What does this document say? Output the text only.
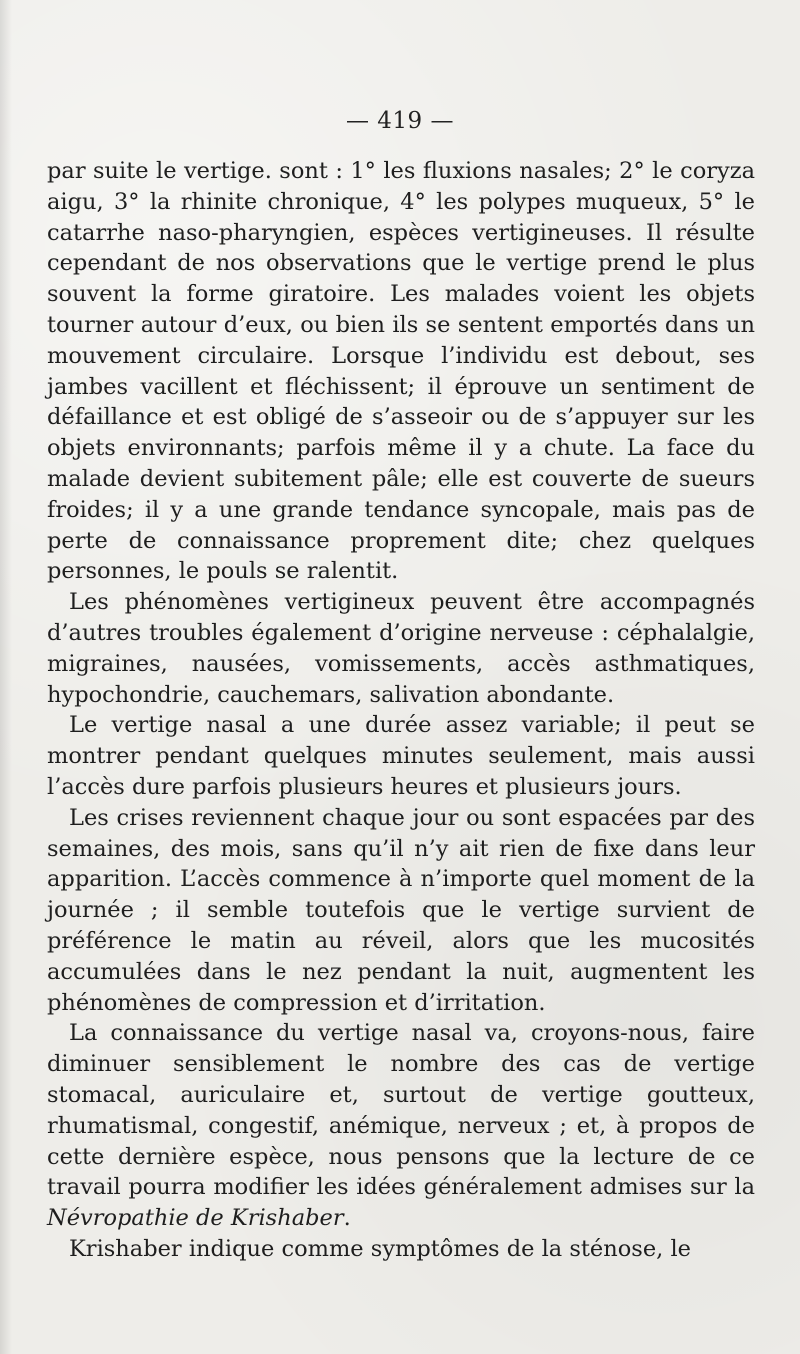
— 419 —

par suite le vertige. sont : 1° les fluxions nasales; 2° le coryza aigu, 3° la rhinite chronique, 4° les polypes muqueux, 5° le catarrhe naso-pharyngien, espèces vertigineuses. Il résulte cependant de nos observations que le vertige prend le plus souvent la forme giratoire. Les malades voient les objets tourner autour d’eux, ou bien ils se sentent emportés dans un mouvement circulaire. Lorsque l’individu est debout, ses jambes vacillent et fléchissent; il éprouve un sentiment de défaillance et est obligé de s’asseoir ou de s’appuyer sur les objets environnants; parfois même il y a chute. La face du malade devient subitement pâle; elle est couverte de sueurs froides; il y a une grande tendance syncopale, mais pas de perte de connaissance proprement dite; chez quelques personnes, le pouls se ralentit.

Les phénomènes vertigineux peuvent être accompagnés d’autres troubles également d’origine nerveuse : céphalalgie, migraines, nausées, vomissements, accès asthmatiques, hypochondrie, cauchemars, salivation abondante.

Le vertige nasal a une durée assez variable; il peut se montrer pendant quelques minutes seulement, mais aussi l’accès dure parfois plusieurs heures et plusieurs jours.

Les crises reviennent chaque jour ou sont espacées par des semaines, des mois, sans qu’il n’y ait rien de fixe dans leur apparition. L’accès commence à n’importe quel moment de la journée ; il semble toutefois que le vertige survient de préférence le matin au réveil, alors que les mucosités accumulées dans le nez pendant la nuit, augmentent les phénomènes de compression et d’irritation.

La connaissance du vertige nasal va, croyons-nous, faire diminuer sensiblement le nombre des cas de vertige stomacal, auriculaire et, surtout de vertige goutteux, rhumatismal, congestif, anémique, nerveux ; et, à propos de cette dernière espèce, nous pensons que la lecture de ce travail pourra modifier les idées généralement admises sur la Névropathie de Krishaber.

Krishaber indique comme symptômes de la sténose, le
